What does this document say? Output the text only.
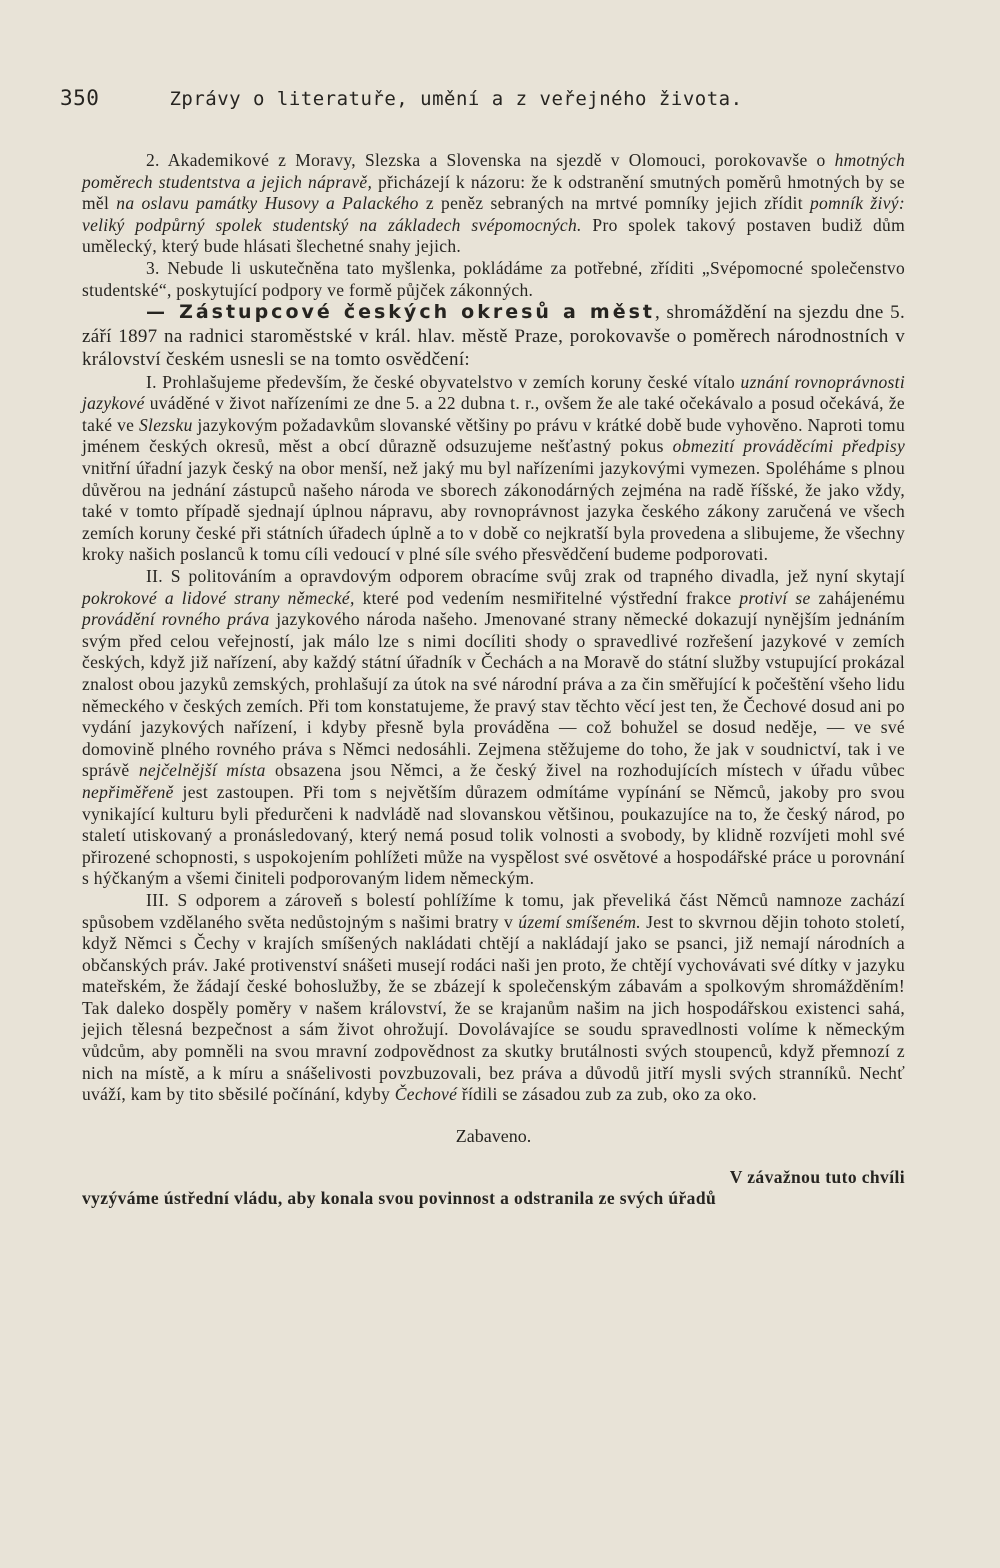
350	Zprávy o literatuře, umění a z veřejného života.

2. Akademikové z Moravy, Slezska a Slovenska na sjezdě v Olomouci, porokovavše o hmotných poměrech studentstva a jejich nápravě, přicházejí k názoru: že k odstranění smutných poměrů hmotných by se měl na oslavu památky Husovy a Palackého z peněz sebraných na mrtvé pomníky jejich zřídit pomník živý: veliký podpůrný spolek studentský na základech svépomocných. Pro spolek takový postaven budiž dům umělecký, který bude hlásati šlechetné snahy jejich.

3. Nebude li uskutečněna tato myšlenka, pokládáme za potřebné, zříditi „Svépomocné společenstvo studentské“, poskytující podpory ve formě půjček zákonných.

— Zástupcové českých okresů a měst, shromáždění na sjezdu dne 5. září 1897 na radnici staroměstské v král. hlav. městě Praze, porokovavše o poměrech národnostních v království českém usnesli se na tomto osvědčení:

I. Prohlašujeme především, že české obyvatelstvo v zemích koruny české vítalo uznání rovnoprávnosti jazykové uváděné v život nařízeními ze dne 5. a 22 dubna t. r., ovšem že ale také očekávalo a posud očekává, že také ve Slezsku jazykovým požadavkům slovanské většiny po právu v krátké době bude vyhověno. Naproti tomu jménem českých okresů, měst a obcí důrazně odsuzujeme nešťastný pokus obmezití prováděcími předpisy vnitřní úřadní jazyk český na obor menší, než jaký mu byl nařízeními jazykovými vymezen. Spoléháme s plnou důvěrou na jednání zástupců našeho národa ve sborech zákonodárných zejména na radě říšské, že jako vždy, také v tomto případě sjednají úplnou nápravu, aby rovnoprávnost jazyka českého zákony zaručená ve všech zemích koruny české při státních úřadech úplně a to v době co nejkratší byla provedena a slibujeme, že všechny kroky našich poslanců k tomu cíli vedoucí v plné síle svého přesvědčení budeme podporovati.

II. S politováním a opravdovým odporem obracíme svůj zrak od trapného divadla, jež nyní skytají pokrokové a lidové strany německé, které pod vedením nesmiřitelné výstřední frakce protiví se zahájenému provádění rovného práva jazykového národa našeho. Jmenované strany německé dokazují nynějším jednáním svým před celou veřejností, jak málo lze s nimi docíliti shody o spravedlivé rozřešení jazykové v zemích českých, když již nařízení, aby každý státní úřadník v Čechách a na Moravě do státní služby vstupující prokázal znalost obou jazyků zemských, prohlašují za útok na své národní práva a za čin směřující k počeštění všeho lidu německého v českých zemích. Při tom konstatujeme, že pravý stav těchto věcí jest ten, že Čechové dosud ani po vydání jazykových nařízení, i kdyby přesně byla prováděna — což bohužel se dosud neděje, — ve své domovině plného rovného práva s Němci nedosáhli. Zejmena stěžujeme do toho, že jak v soudnictví, tak i ve správě nejčelnější místa obsazena jsou Němci, a že český živel na rozhodujících místech v úřadu vůbec nepřiměřeně jest zastoupen. Při tom s největším důrazem odmítáme vypínání se Němců, jakoby pro svou vynikající kulturu byli předurčeni k nadvládě nad slovanskou většinou, poukazujíce na to, že český národ, po staletí utiskovaný a pronásledovaný, který nemá posud tolik volnosti a svobody, by klidně rozvíjeti mohl své přirozené schopnosti, s uspokojením pohlížeti může na vyspělost své osvětové a hospodářské práce u porovnání s hýčkaným a všemi činiteli podporovaným lidem německým.

III. S odporem a zároveň s bolestí pohlížíme k tomu, jak převeliká část Němců namnoze zachází spůsobem vzdělaného světa nedůstojným s našimi bratry v území smíšeném. Jest to skvrnou dějin tohoto století, když Němci s Čechy v krajích smíšených nakládati chtějí a nakládají jako se psanci, již nemají národních a občanských práv. Jaké protivenství snášeti musejí rodáci naši jen proto, že chtějí vychovávati své dítky v jazyku mateřském, že žádají české bohoslužby, že se zbázejí k společenským zábavám a spolkovým shromážděním! Tak daleko dospěly poměry v našem království, že se krajanům našim na jich hospodářskou existenci sahá, jejich tělesná bezpečnost a sám život ohrožují. Dovolávajíce se soudu spravedlnosti volíme k německým vůdcům, aby pomněli na svou mravní zodpovědnost za skutky brutálnosti svých stoupenců, když přemnozí z nich na místě, a k míru a snášelivosti povzbuzovali, bez práva a důvodů jitří mysli svých stranníků. Nechť uváží, kam by tito sběsilé počínání, kdyby Čechové řídili se zásadou zub za zub, oko za oko.

Zabaveno.
V závažnou tuto chvíli
vyzýváme ústřední vládu, aby konala svou povinnost a odstranila ze svých úřadů
